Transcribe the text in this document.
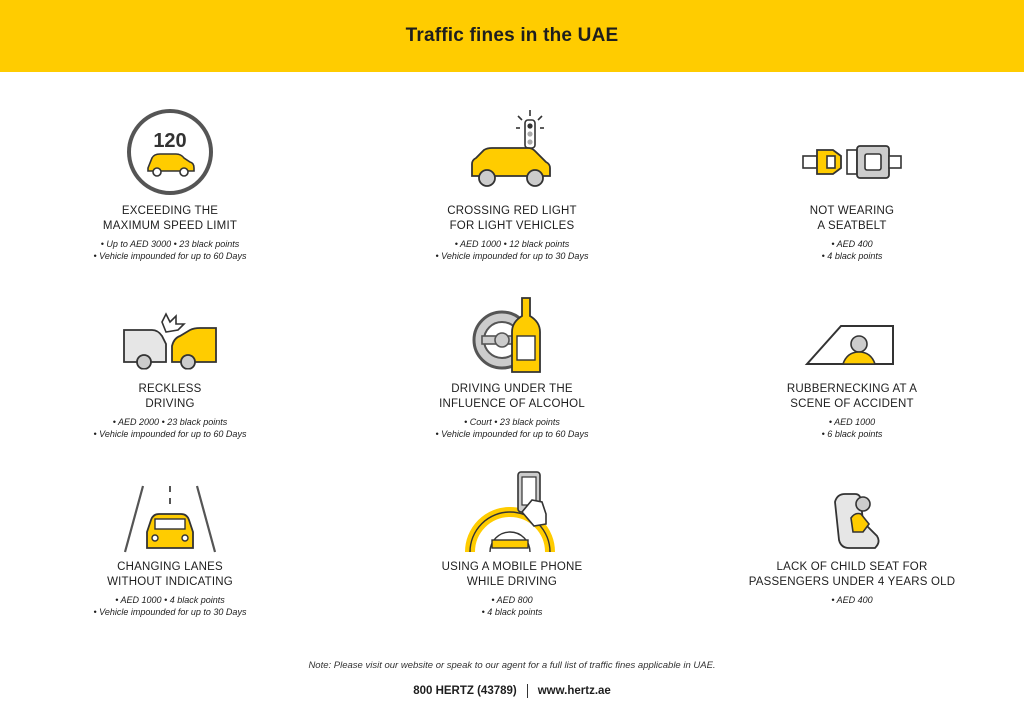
Traffic fines in the UAE
120
EXCEEDING THE
MAXIMUM SPEED LIMIT
• Up to AED 3000 • 23 black points
• Vehicle impounded for up to 60 Days
CROSSING RED LIGHT
FOR LIGHT VEHICLES
• AED 1000 • 12 black points
• Vehicle impounded for up to 30 Days
NOT WEARING
A SEATBELT
• AED 400
• 4 black points
RECKLESS
DRIVING
• AED 2000 • 23 black points
• Vehicle impounded for up to 60 Days
DRIVING UNDER THE
INFLUENCE OF ALCOHOL
• Court • 23 black points
• Vehicle impounded for up to 60 Days
RUBBERNECKING AT A
SCENE OF ACCIDENT
• AED 1000
• 6 black points
CHANGING LANES
WITHOUT INDICATING
• AED 1000 • 4 black points
• Vehicle impounded for up to 30 Days
USING A MOBILE PHONE
WHILE DRIVING
• AED 800
• 4 black points
LACK OF CHILD SEAT FOR
PASSENGERS UNDER 4 YEARS OLD
• AED 400
Note: Please visit our website or speak to our agent for a full list of traffic fines applicable in UAE.
800 HERTZ (43789) www.hertz.ae
